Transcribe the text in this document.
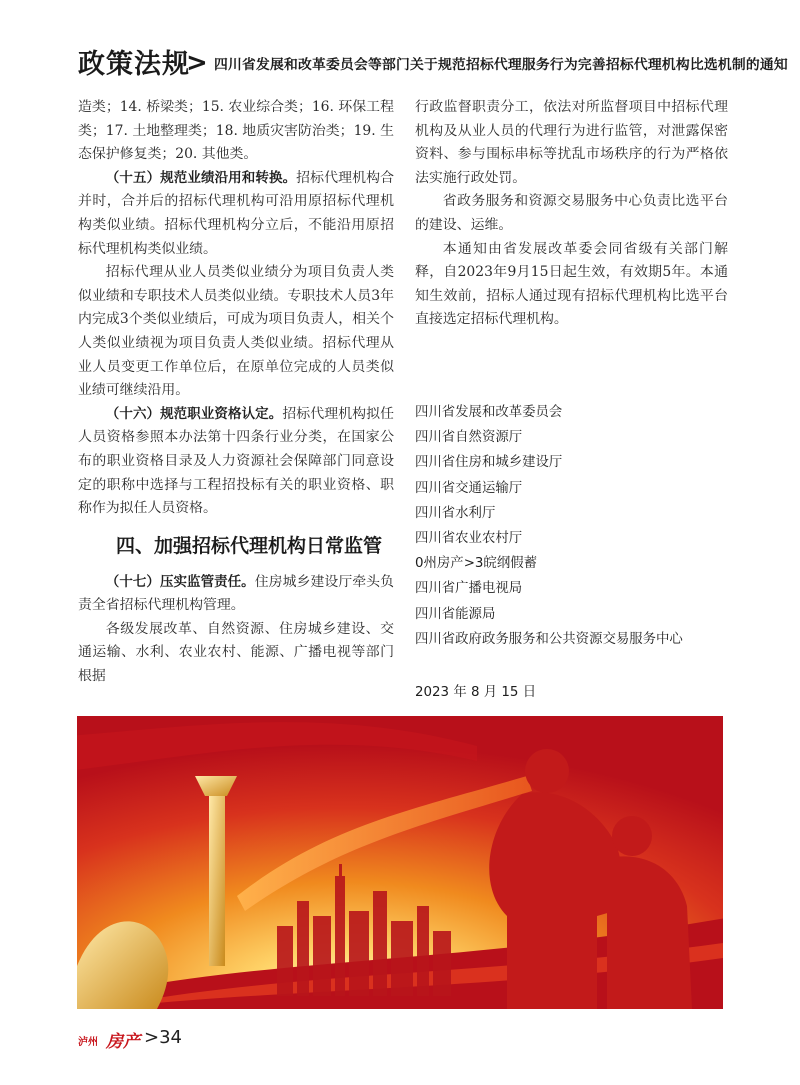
政策法规
> 四川省发展和改革委员会等部门关于规范招标代理服务行为完善招标代理机构比选机制的通知

造类；14. 桥梁类；15. 农业综合类；16. 环保工程类；17. 土地整理类；18. 地质灾害防治类；19. 生态保护修复类；20. 其他类。

（十五）规范业绩沿用和转换。招标代理机构合并时，合并后的招标代理机构可沿用原招标代理机构类似业绩。招标代理机构分立后，不能沿用原招标代理机构类似业绩。

招标代理从业人员类似业绩分为项目负责人类似业绩和专职技术人员类似业绩。专职技术人员3年内完成3个类似业绩后，可成为项目负责人，相关个人类似业绩视为项目负责人类似业绩。招标代理从业人员变更工作单位后，在原单位完成的人员类似业绩可继续沿用。

（十六）规范职业资格认定。招标代理机构拟任人员资格参照本办法第十四条行业分类，在国家公布的职业资格目录及人力资源社会保障部门同意设定的职称中选择与工程招投标有关的职业资格、职称作为拟任人员资格。

四、加强招标代理机构日常监管

（十七）压实监管责任。住房城乡建设厅牵头负责全省招标代理机构管理。

各级发展改革、自然资源、住房城乡建设、交通运输、水利、农业农村、能源、广播电视等部门根据

行政监督职责分工，依法对所监督项目中招标代理机构及从业人员的代理行为进行监管，对泄露保密资料、参与围标串标等扰乱市场秩序的行为严格依法实施行政处罚。

省政务服务和资源交易服务中心负责比选平台的建设、运维。

本通知由省发展改革委会同省级有关部门解释，自2023年9月15日起生效，有效期5年。本通知生效前，招标人通过现有招标代理机构比选平台直接选定招标代理机构。

四川省发展和改革委员会
四川省自然资源厅
四川省住房和城乡建设厅
四川省交通运输厅
四川省水利厅
四川省农业农村厅
0州房产>3皖纲假蓄
四川省广播电视局
四川省能源局
四川省政府政务服务和公共资源交易服务中心
2023 年 8 月 15 日
泸州 房产 >34
